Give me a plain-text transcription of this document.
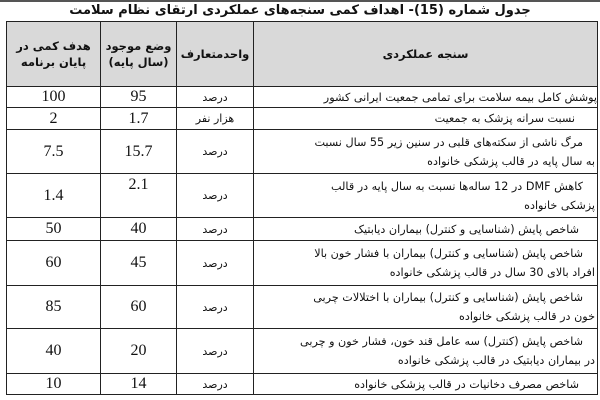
جدول شماره (15)- اهداف کمی سنجه‌های عملکردی ارتقای نظام سلامت
هدف کمی در پایان برنامه	وضع موجود (سال پایه)	واحدمتعارف	سنجه عملکردی
100	95	درصد	پوشش کامل بیمه سلامت برای تمامی جمعیت ایرانی کشور
2	1.7	هزار نفر	نسبت سرانه پزشک به جمعیت
7.5	15.7	درصد	مرگ ناشی از سکته‌های قلبی در سنین زیر 55 سال نسبت
به سال پایه در قالب پزشکی خانواده

1.4	2.1	درصد	کاهش DMF در 12 ساله‌ها نسبت به سال پایه در قالب
پزشکی خانواده

50	40	درصد	شاخص پایش (شناسایی و کنترل) بیماران دیابتیک
60	45	درصد	شاخص پایش (شناسایی و کنترل) بیماران با فشار خون بالا
افراد بالای 30 سال در قالب پزشکی خانواده

85	60	درصد	شاخص پایش (شناسایی و کنترل) بیماران با اختلالات چربی
خون در قالب پزشکی خانواده

40	20	درصد	شاخص پایش (کنترل) سه عامل قند خون، فشار خون و چربی
در بیماران دیابتیک در قالب پزشکی خانواده

10	14	درصد	شاخص مصرف دخانیات در قالب پزشکی خانواده
